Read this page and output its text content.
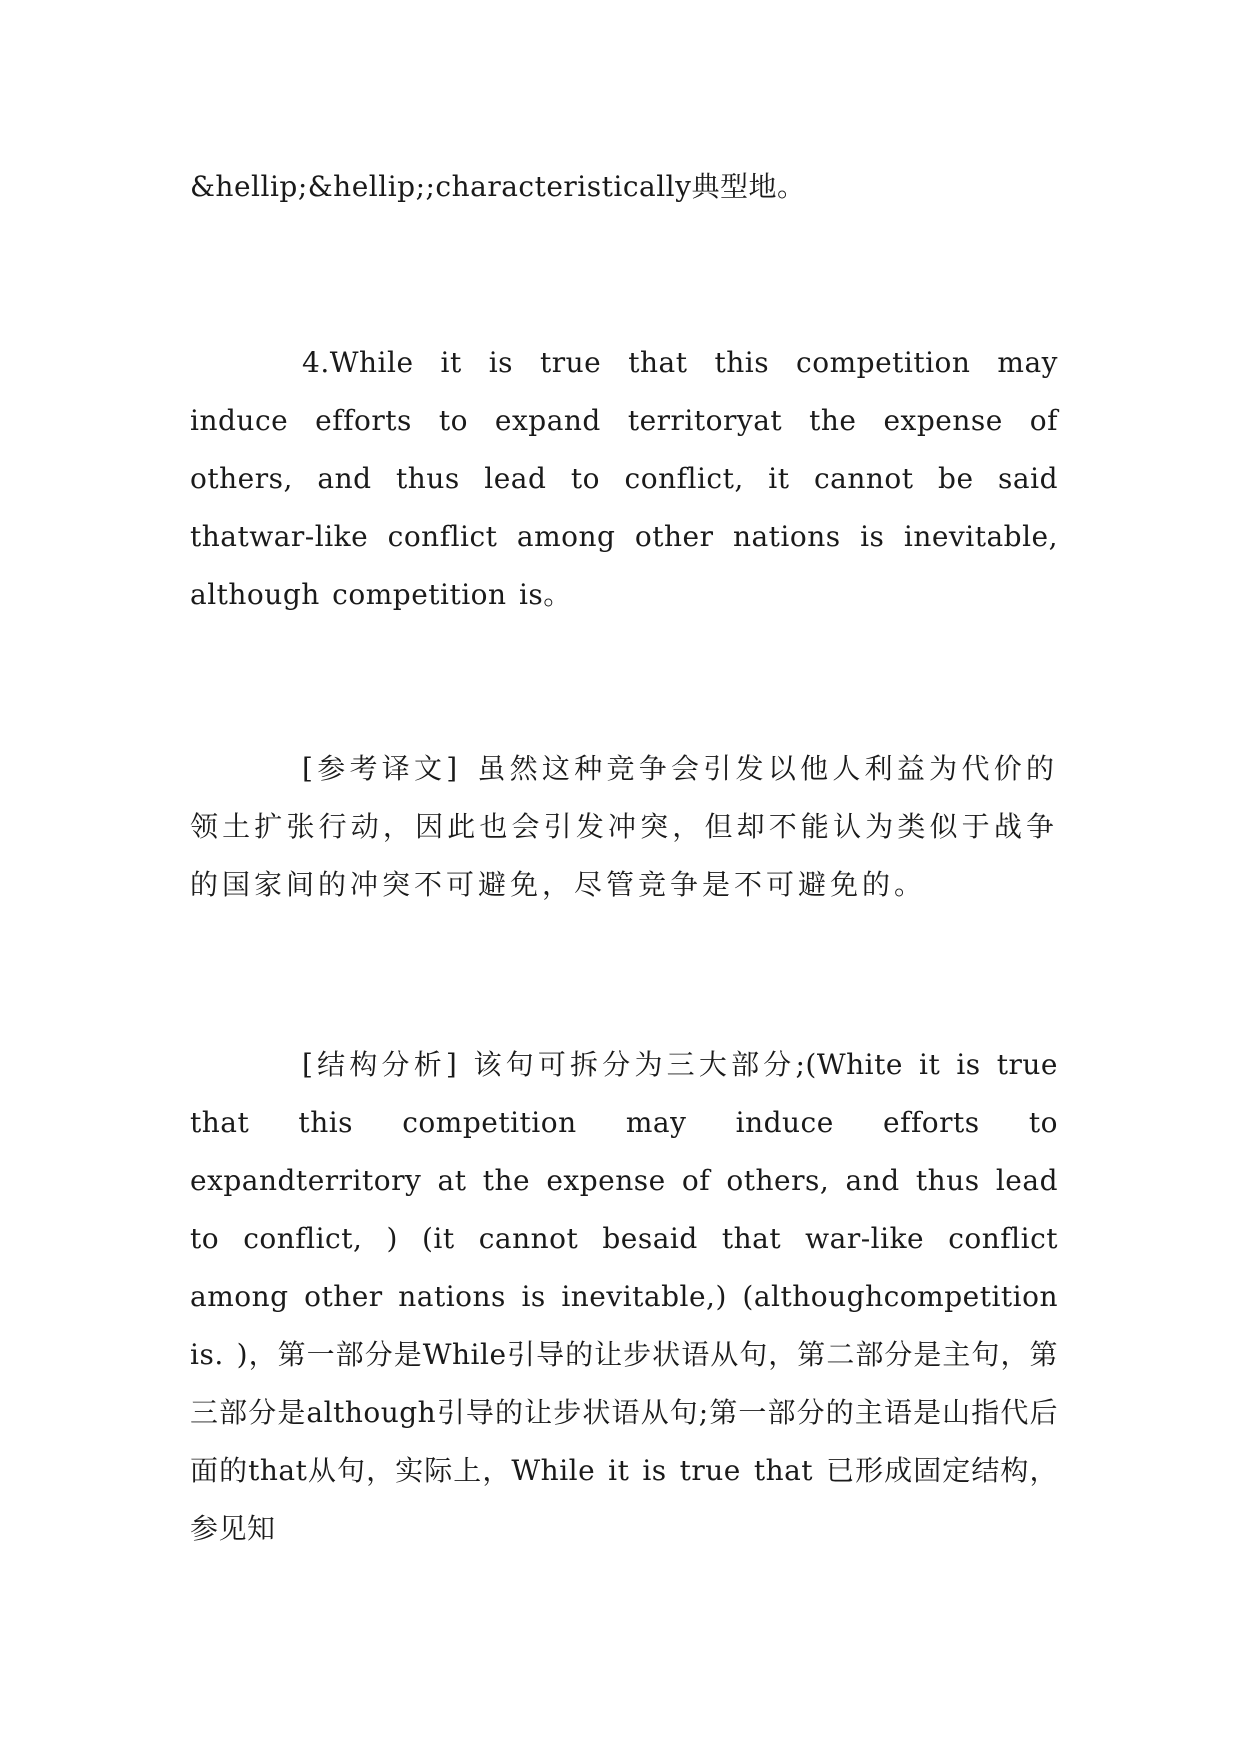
&hellip;&hellip;;characteristically典型地。

4.While it is true that this competition may induce efforts to expand territoryat the expense of others, and thus lead to conflict, it cannot be said thatwar-like conflict among other nations is inevitable, although competition is。

[参考译文] 虽然这种竞争会引发以他人利益为代价的领土扩张行动，因此也会引发冲突，但却不能认为类似于战争的国家间的冲突不可避免，尽管竞争是不可避免的。

[结构分析] 该句可拆分为三大部分;(White it is true that this competition may induce efforts to expandterritory at the expense of others, and thus lead to conflict, ) (it cannot besaid that war-like conflict among other nations is inevitable,) (althoughcompetition is. )，第一部分是While引导的让步状语从句，第二部分是主句，第三部分是although引导的让步状语从句;第一部分的主语是山指代后面的that从句，实际上，While it is true that 已形成固定结构，参见知
